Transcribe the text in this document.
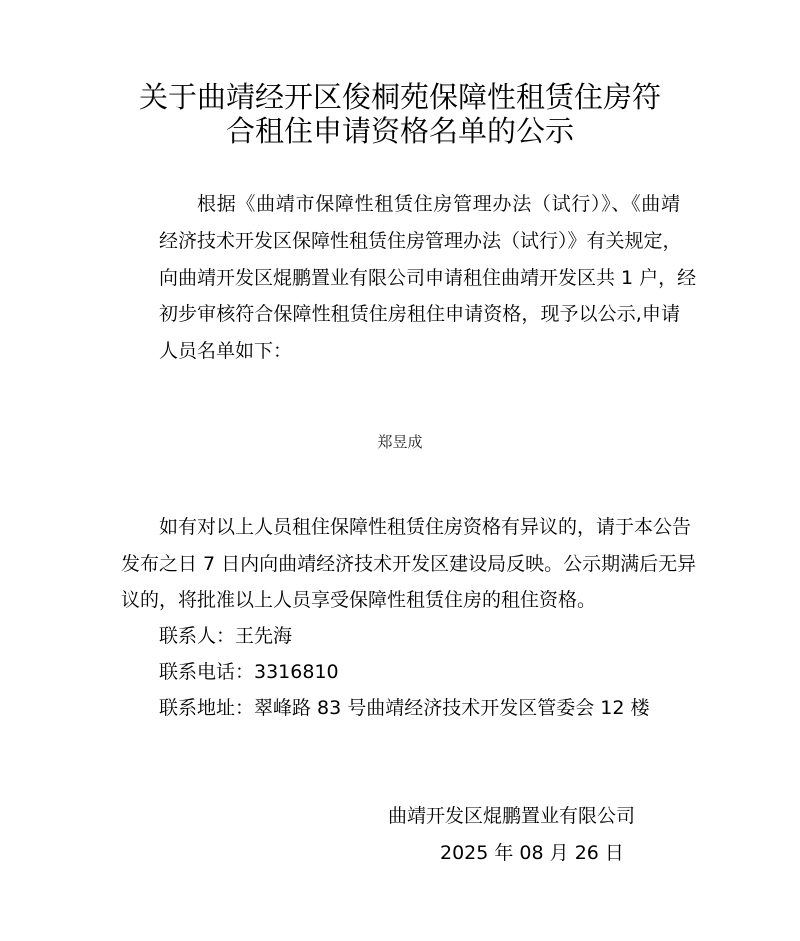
关于曲靖经开区俊桐苑保障性租赁住房符
合租住申请资格名单的公示
根据《曲靖市保障性租赁住房管理办法（试行）》、《曲靖
经济技术开发区保障性租赁住房管理办法（试行）》有关规定，
向曲靖开发区焜鹏置业有限公司申请租住曲靖开发区共 1 户，经
初步审核符合保障性租赁住房租住申请资格，现予以公示,申请
人员名单如下：
郑昱成
如有对以上人员租住保障性租赁住房资格有异议的，请于本公告
发布之日 7 日内向曲靖经济技术开发区建设局反映。公示期满后无异
议的，将批准以上人员享受保障性租赁住房的租住资格。
联系人：王先海
联系电话：3316810
联系地址：翠峰路 83 号曲靖经济技术开发区管委会 12 楼
曲靖开发区焜鹏置业有限公司
2025 年 08 月 26 日
